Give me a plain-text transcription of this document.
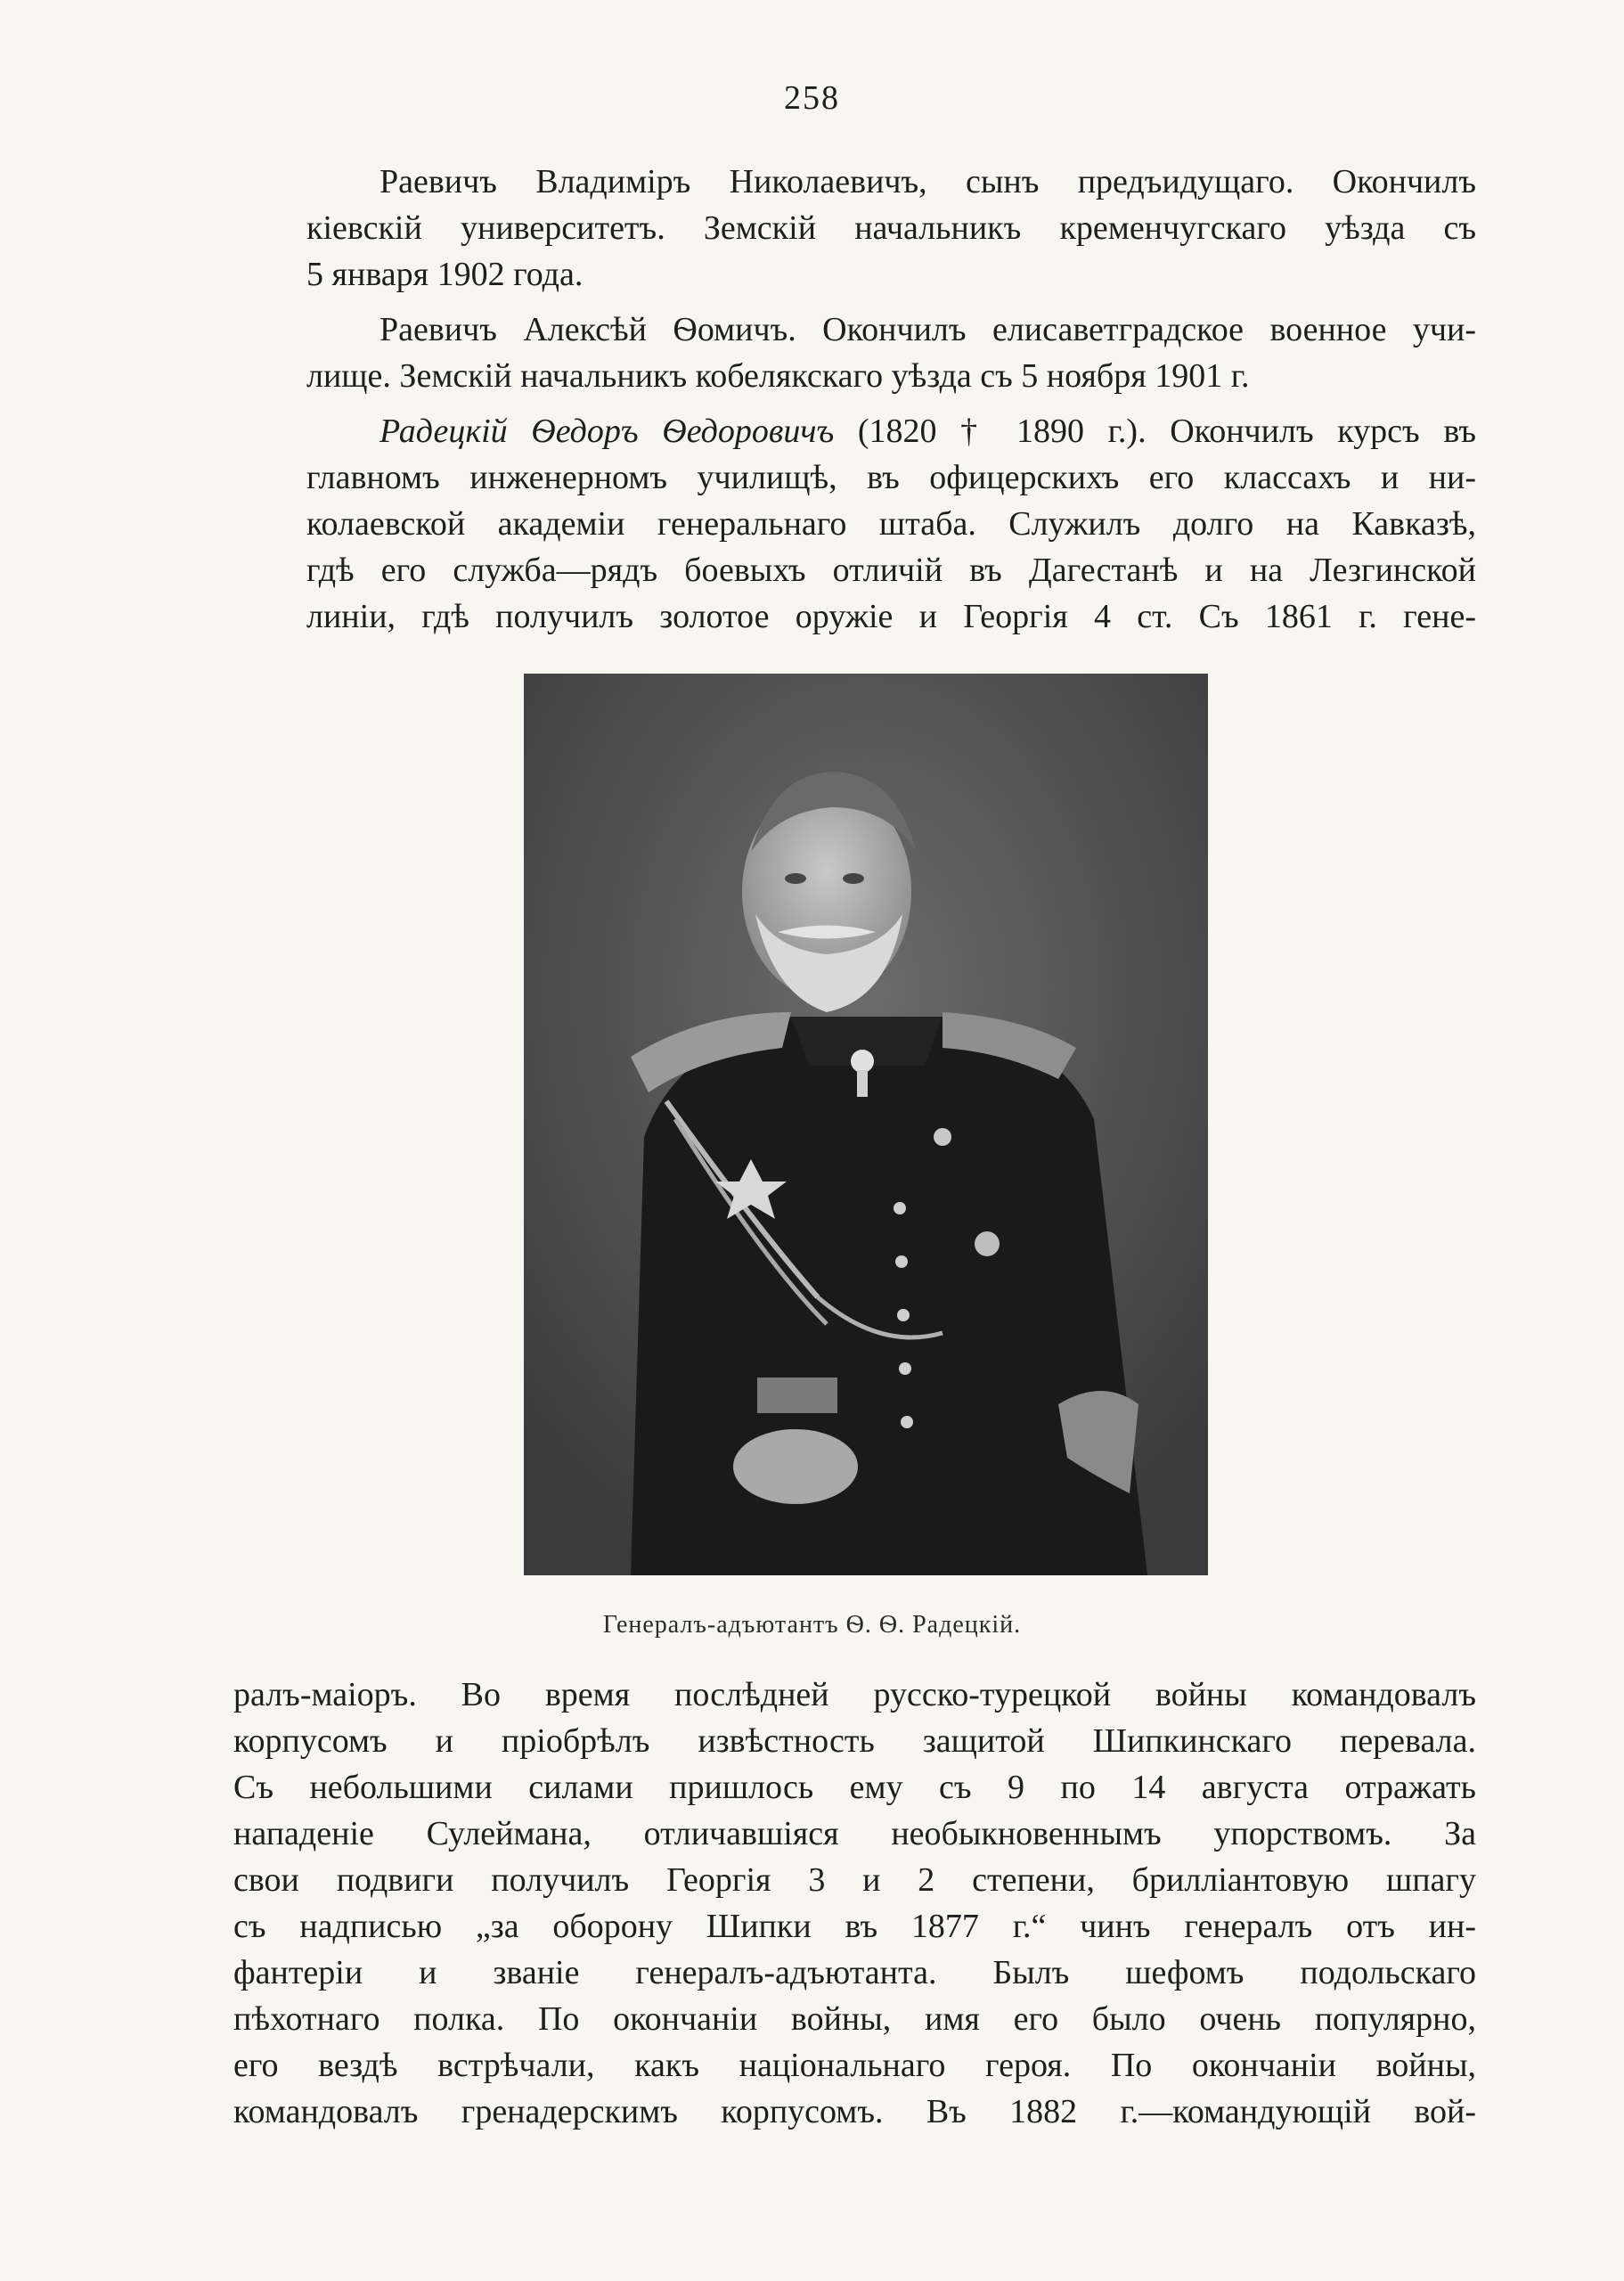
258

Раевичъ Владиміръ Николаевичъ, сынъ предъидущаго. Окончилъ
кіевскій университетъ. Земскій начальникъ кременчугскаго уѣзда съ
5 января 1902 года.

Раевичъ Алексѣй Ѳомичъ. Окончилъ елисаветградское военное учи-
лище. Земскій начальникъ кобелякскаго уѣзда съ 5 ноября 1901 г.

Радецкій Ѳедоръ Ѳедоровичъ (1820 † 1890 г.). Окончилъ курсъ въ
главномъ инженерномъ училищѣ, въ офицерскихъ его классахъ и ни-
колаевской академіи генеральнаго штаба. Служилъ долго на Кавказѣ,
гдѣ его служба—рядъ боевыхъ отличій въ Дагестанѣ и на Лезгинской
линіи, гдѣ получилъ золотое оружіе и Георгія 4 ст. Съ 1861 г. гене-

Генералъ-адъютантъ Ѳ. Ѳ. Радецкій.

ралъ-маіоръ. Во время послѣдней русско-турецкой войны командовалъ
корпусомъ и пріобрѣлъ извѣстность защитой Шипкинскаго перевала.
Съ небольшими силами пришлось ему съ 9 по 14 августа отражать
нападеніе Сулеймана, отличавшіяся необыкновеннымъ упорствомъ. За
свои подвиги получилъ Георгія 3 и 2 степени, брилліантовую шпагу
съ надписью „за оборону Шипки въ 1877 г.“ чинъ генералъ отъ ин-
фантеріи и званіе генералъ-адъютанта. Былъ шефомъ подольскаго
пѣхотнаго полка. По окончаніи войны, имя его было очень популярно,
его вездѣ встрѣчали, какъ національнаго героя. По окончаніи войны,
командовалъ гренадерскимъ корпусомъ. Въ 1882 г.—командующій вой-
